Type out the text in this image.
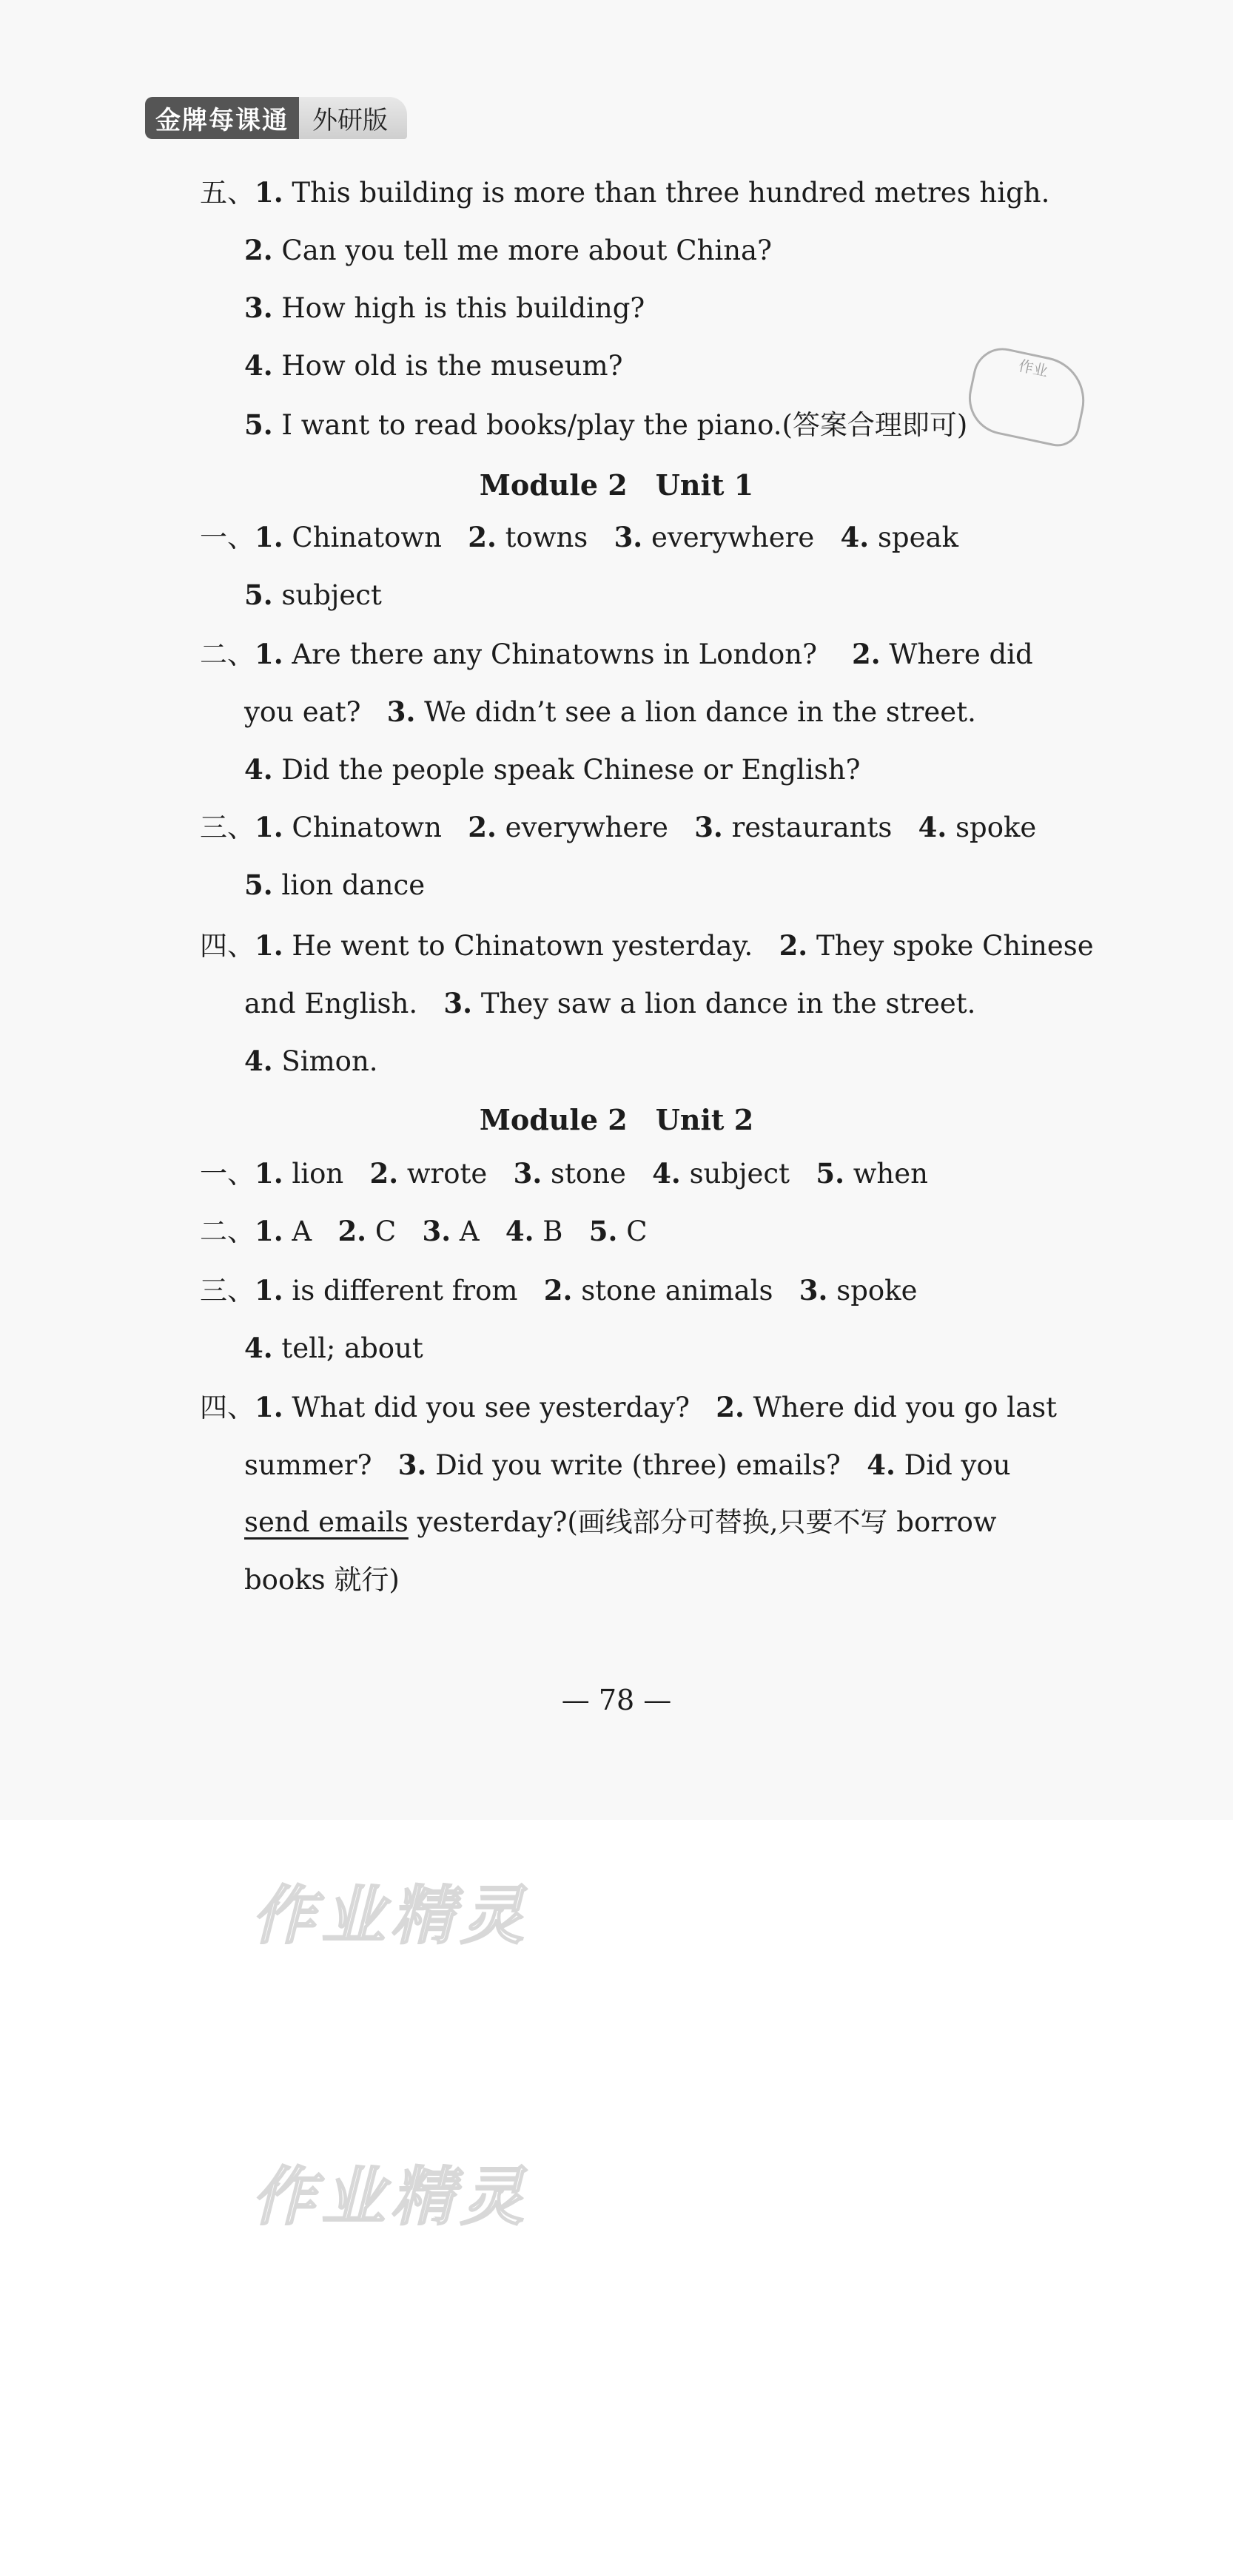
金牌每课通 外研版
五、1. This building is more than three hundred metres high.
2. Can you tell me more about China?
3. How high is this building?
4. How old is the museum?
5. I want to read books/play the piano.(答案合理即可)
作业
Module 2　Unit 1
一、1. Chinatown 2. towns 3. everywhere 4. speak
5. subject
二、1. Are there any Chinatowns in London? 2. Where did
you eat? 3. We didn’t see a lion dance in the street.
4. Did the people speak Chinese or English?
三、1. Chinatown 2. everywhere 3. restaurants 4. spoke
5. lion dance
四、1. He went to Chinatown yesterday. 2. They spoke Chinese
and English. 3. They saw a lion dance in the street.
4. Simon.
Module 2　Unit 2
一、1. lion 2. wrote 3. stone 4. subject 5. when
二、1. A 2. C 3. A 4. B 5. C
三、1. is different from 2. stone animals 3. spoke
4. tell; about
四、1. What did you see yesterday? 2. Where did you go last
summer? 3. Did you write (three) emails? 4. Did you
send emails yesterday?(画线部分可替换,只要不写 borrow
books 就行)
— 78 —
作业精灵
作业精灵
